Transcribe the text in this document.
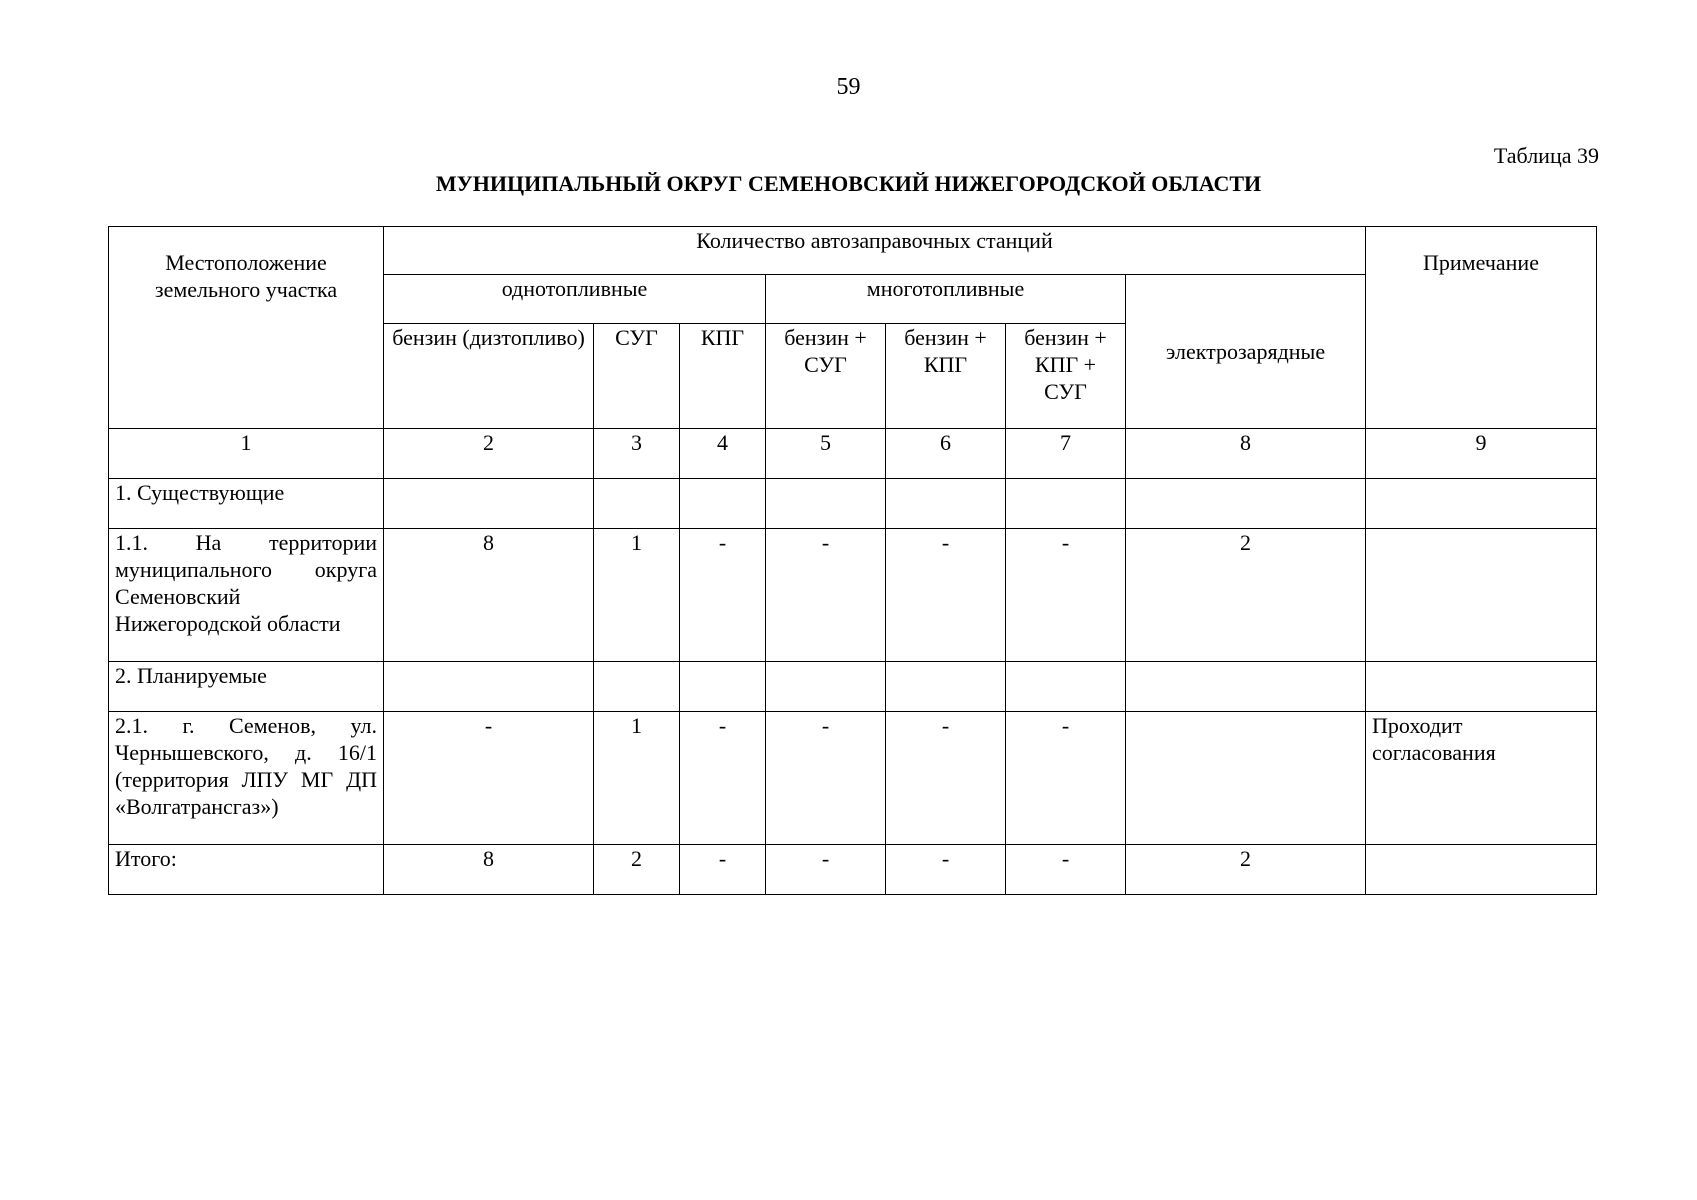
59
Таблица 39
МУНИЦИПАЛЬНЫЙ ОКРУГ СЕМЕНОВСКИЙ НИЖЕГОРОДСКОЙ ОБЛАСТИ
Местоположение земельного участка	Количество автозаправочных станций							Примечание
	однотопливные			многотопливные			электрозарядные	
	бензин (дизтопливо)	СУГ	КПГ	бензин + СУГ	бензин + КПГ	бензин + КПГ + СУГ		
1	2	3	4	5	6	7	8	9
1. Существующие								
1.1. На территории муниципального округа Семеновский Нижегородской области	8	1	-	-	-	-	2	
2. Планируемые								
2.1. г. Семенов, ул. Чернышевского, д. 16/1 (территория ЛПУ МГ ДП «Волгатрансгаз»)	-	1	-	-	-	-		Проходит согласования
Итого:	8	2	-	-	-	-	2	
